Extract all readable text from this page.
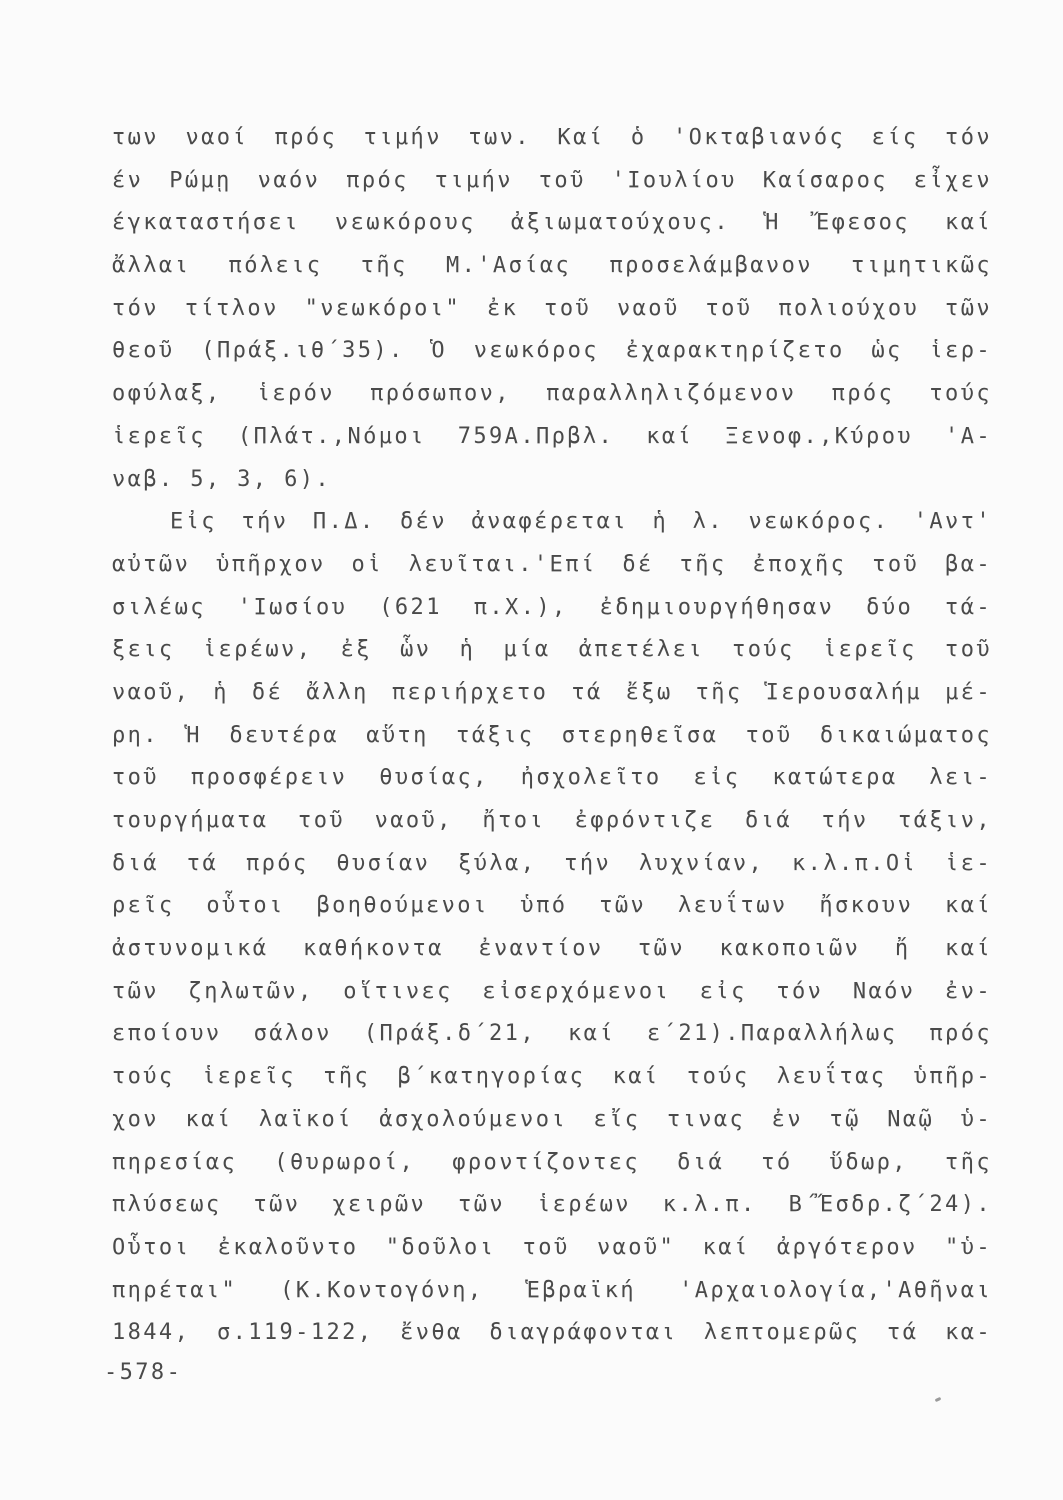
των ναοί πρός τιμήν των. Καί ὁ 'Οκταβιανός είς τόν
έν Ρώμῃ ναόν πρός τιμήν τοῦ 'Ιουλίου Καίσαρος εἶχεν
έγκαταστήσει νεωκόρους ἀξιωματούχους. Ἡ Ἔφεσος καί
ἄλλαι πόλεις τῆς Μ.'Ασίας προσελάμβανον τιμητικῶς
τόν τίτλον "νεωκόροι" ἐκ τοῦ ναοῦ τοῦ πολιούχου τῶν
θεοῦ (Πράξ.ιθ΄35). Ὁ νεωκόρος ἐχαρακτηρίζετο ὡς ἱερ-
οφύλαξ, ἱερόν πρόσωπον, παραλληλιζόμενον πρός τούς
ἱερεῖς (Πλάτ.,Νόμοι 759Α.Πρβλ. καί Ξενοφ.,Κύρου 'Α-
ναβ. 5, 3, 6).
Εἰς τήν Π.Δ. δέν ἀναφέρεται ἡ λ. νεωκόρος. 'Αντ'
αὐτῶν ὑπῆρχον οἱ λευῖται.'Επί δέ τῆς ἐποχῆς τοῦ βα-
σιλέως 'Ιωσίου (621 π.Χ.), ἐδημιουργήθησαν δύο τά-
ξεις ἱερέων, ἐξ ὧν ἡ μία ἀπετέλει τούς ἱερεῖς τοῦ
ναοῦ, ἡ δέ ἄλλη περιήρχετο τά ἔξω τῆς Ἱερουσαλήμ μέ-
ρη. Ἡ δευτέρα αὕτη τάξις στερηθεῖσα τοῦ δικαιώματος
τοῦ προσφέρειν θυσίας, ἠσχολεῖτο εἰς κατώτερα λει-
τουργήματα τοῦ ναοῦ, ἤτοι ἐφρόντιζε διά τήν τάξιν,
διά τά πρός θυσίαν ξύλα, τήν λυχνίαν, κ.λ.π.Οἱ ἱε-
ρεῖς οὗτοι βοηθούμενοι ὑπό τῶν λευΐτων ἤσκουν καί
ἀστυνομικά καθήκοντα ἐναντίον τῶν κακοποιῶν ἤ καί
τῶν ζηλωτῶν, οἵτινες εἰσερχόμενοι εἰς τόν Ναόν ἐν-
εποίουν σάλον (Πράξ.δ΄21, καί ε΄21).Παραλλήλως πρός
τούς ἱερεῖς τῆς β΄κατηγορίας καί τούς λευΐτας ὑπῆρ-
χον καί λαϊκοί ἀσχολούμενοι εἴς τινας ἐν τῷ Ναῷ ὑ-
πηρεσίας (θυρωροί, φροντίζοντες διά τό ὕδωρ, τῆς
πλύσεως τῶν χειρῶν τῶν ἱερέων κ.λ.π. Β΄Ἔσδρ.ζ΄24).
Οὗτοι ἐκαλοῦντο "δοῦλοι τοῦ ναοῦ" καί ἀργότερον "ὑ-
πηρέται" (Κ.Κοντογόνη, Ἑβραϊκή 'Αρχαιολογία,'Αθῆναι
1844, σ.119-122, ἔνθα διαγράφονται λεπτομερῶς τά κα-
-578-
